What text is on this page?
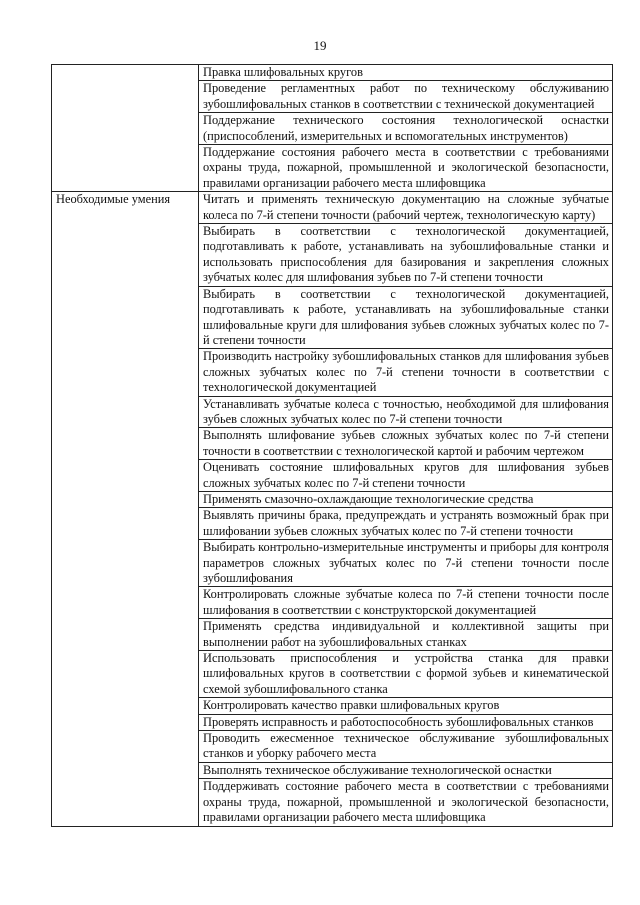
19
	Правка шлифовальных кругов
	Проведение регламентных работ по техническому обслуживанию зубошлифовальных станков в соответствии с технической документацией
	Поддержание технического состояния технологической оснастки (приспособлений, измерительных и вспомогательных инструментов)
	Поддержание состояния рабочего места в соответствии с требованиями охраны труда, пожарной, промышленной и экологической безопасности, правилами организации рабочего места шлифовщика
Необходимые умения	Читать и применять техническую документацию на сложные зубчатые колеса по 7-й степени точности (рабочий чертеж, технологическую карту)
	Выбирать в соответствии с технологической документацией, подготавливать к работе, устанавливать на зубошлифовальные станки и использовать приспособления для базирования и закрепления сложных зубчатых колес для шлифования зубьев по 7-й степени точности
	Выбирать в соответствии с технологической документацией, подготавливать к работе, устанавливать на зубошлифовальные станки шлифовальные круги для шлифования зубьев сложных зубчатых колес по 7-й степени точности
	Производить настройку зубошлифовальных станков для шлифования зубьев сложных зубчатых колес по 7-й степени точности в соответствии с технологической документацией
	Устанавливать зубчатые колеса с точностью, необходимой для шлифования зубьев сложных зубчатых колес по 7-й степени точности
	Выполнять шлифование зубьев сложных зубчатых колес по 7-й степени точности в соответствии с технологической картой и рабочим чертежом
	Оценивать состояние шлифовальных кругов для шлифования зубьев сложных зубчатых колес по 7-й степени точности
	Применять смазочно-охлаждающие технологические средства
	Выявлять причины брака, предупреждать и устранять возможный брак при шлифовании зубьев сложных зубчатых колес по 7-й степени точности
	Выбирать контрольно-измерительные инструменты и приборы для контроля параметров сложных зубчатых колес по 7-й степени точности после зубошлифования
	Контролировать сложные зубчатые колеса по 7-й степени точности после шлифования в соответствии с конструкторской документацией
	Применять средства индивидуальной и коллективной защиты при выполнении работ на зубошлифовальных станках
	Использовать приспособления и устройства станка для правки шлифовальных кругов в соответствии с формой зубьев и кинематической схемой зубошлифовального станка
	Контролировать качество правки шлифовальных кругов
	Проверять исправность и работоспособность зубошлифовальных станков
	Проводить ежесменное техническое обслуживание зубошлифовальных станков и уборку рабочего места
	Выполнять техническое обслуживание технологической оснастки
	Поддерживать состояние рабочего места в соответствии с требованиями охраны труда, пожарной, промышленной и экологической безопасности, правилами организации рабочего места шлифовщика
